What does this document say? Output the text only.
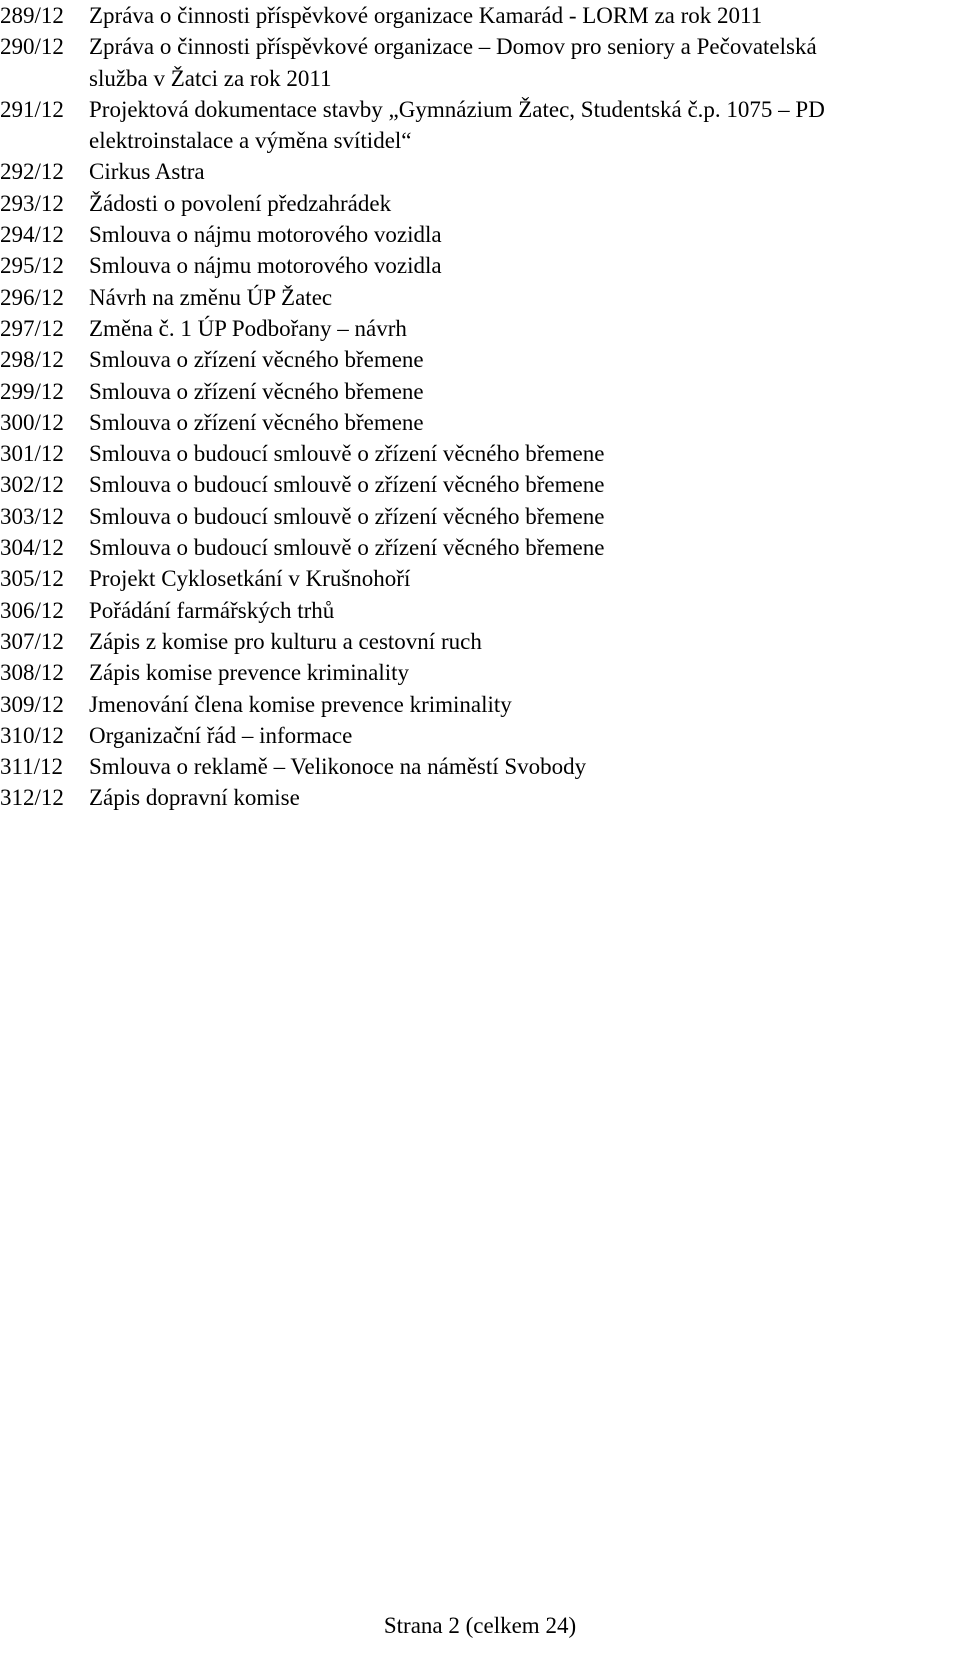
289/12	Zpráva o činnosti příspěvkové organizace Kamarád - LORM za rok 2011
290/12	Zpráva o činnosti příspěvkové organizace – Domov pro seniory a Pečovatelská
služba v Žatci za rok 2011
291/12	Projektová dokumentace stavby „Gymnázium Žatec, Studentská č.p. 1075 – PD
elektroinstalace a výměna svítidel“
292/12	Cirkus Astra
293/12	Žádosti o povolení předzahrádek
294/12	Smlouva o nájmu motorového vozidla
295/12	Smlouva o nájmu motorového vozidla
296/12	Návrh na změnu ÚP Žatec
297/12	Změna č. 1 ÚP Podbořany – návrh
298/12	Smlouva o zřízení věcného břemene
299/12	Smlouva o zřízení věcného břemene
300/12	Smlouva o zřízení věcného břemene
301/12	Smlouva o budoucí smlouvě o zřízení věcného břemene
302/12	Smlouva o budoucí smlouvě o zřízení věcného břemene
303/12	Smlouva o budoucí smlouvě o zřízení věcného břemene
304/12	Smlouva o budoucí smlouvě o zřízení věcného břemene
305/12	Projekt Cyklosetkání v Krušnohoří
306/12	Pořádání farmářských trhů
307/12	Zápis z komise pro kulturu a cestovní ruch
308/12	Zápis komise prevence kriminality
309/12	Jmenování člena komise prevence kriminality
310/12	Organizační řád – informace
311/12	Smlouva o reklamě – Velikonoce na náměstí Svobody
312/12	Zápis dopravní komise
Strana 2 (celkem 24)
